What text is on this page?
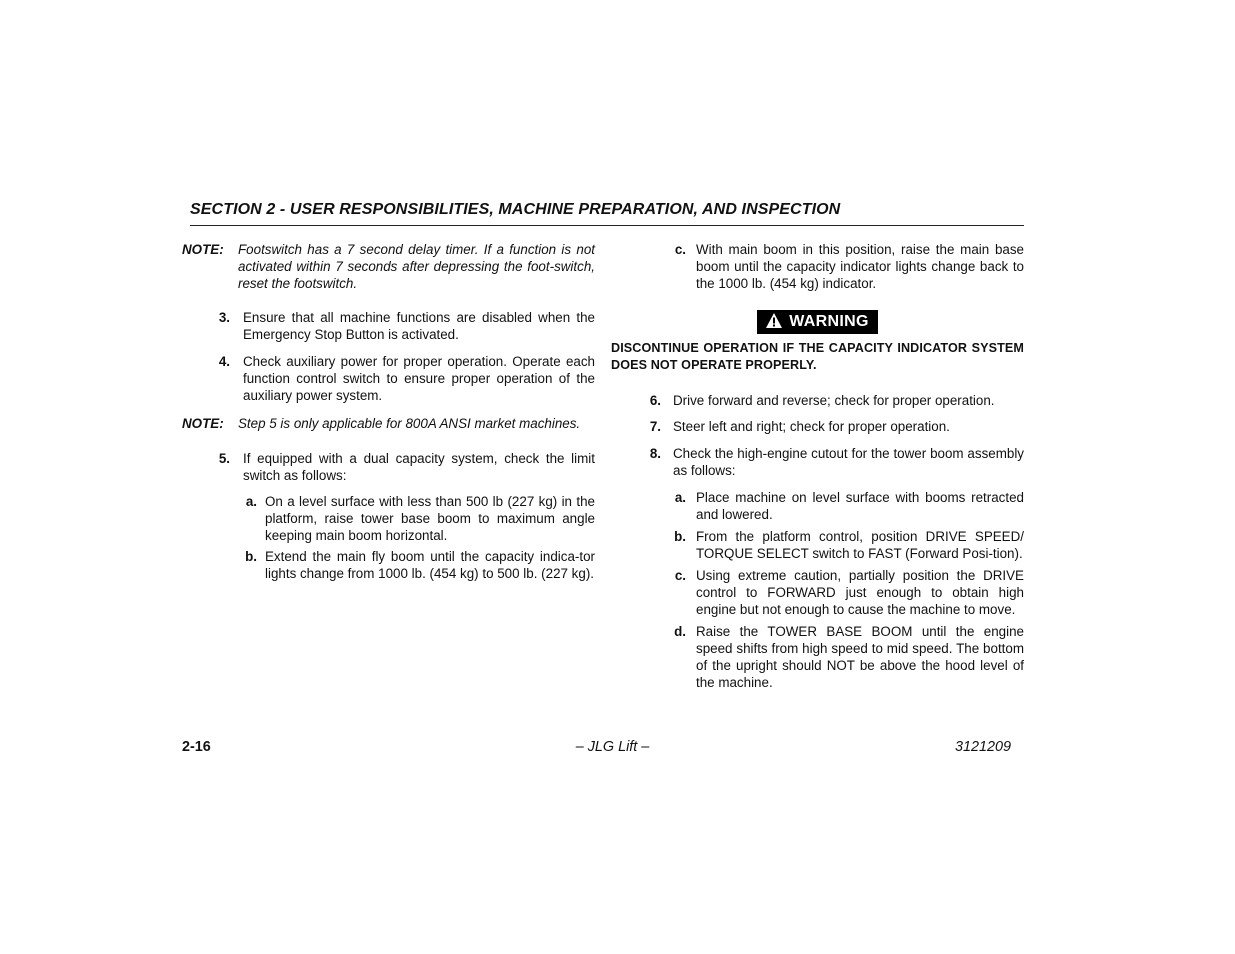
SECTION 2 - USER RESPONSIBILITIES, MACHINE PREPARATION, AND INSPECTION
NOTE:	Footswitch has a 7 second delay timer. If a function is not activated within 7 seconds after depressing the foot-switch, reset the footswitch.
3. Ensure that all machine functions are disabled when the Emergency Stop Button is activated.
4. Check auxiliary power for proper operation. Operate each function control switch to ensure proper operation of the auxiliary power system.
NOTE:	Step 5 is only applicable for 800A ANSI market machines.
5. If equipped with a dual capacity system, check the limit switch as follows:
a. On a level surface with less than 500 lb (227 kg) in the platform, raise tower base boom to maximum angle keeping main boom horizontal.
b. Extend the main fly boom until the capacity indica-tor lights change from 1000 lb. (454 kg) to 500 lb. (227 kg).
c. With main boom in this position, raise the main base boom until the capacity indicator lights change back to the 1000 lb. (454 kg) indicator.
WARNING
DISCONTINUE OPERATION IF THE CAPACITY INDICATOR SYSTEM DOES NOT OPERATE PROPERLY.
6. Drive forward and reverse; check for proper operation.
7. Steer left and right; check for proper operation.
8. Check the high-engine cutout for the tower boom assembly as follows:
a. Place machine on level surface with booms retracted and lowered.
b. From the platform control, position DRIVE SPEED/ TORQUE SELECT switch to FAST (Forward Posi-tion).
c. Using extreme caution, partially position the DRIVE control to FORWARD just enough to obtain high engine but not enough to cause the machine to move.
d. Raise the TOWER BASE BOOM until the engine speed shifts from high speed to mid speed. The bottom of the upright should NOT be above the hood level of the machine.
2-16	– JLG Lift –	3121209
